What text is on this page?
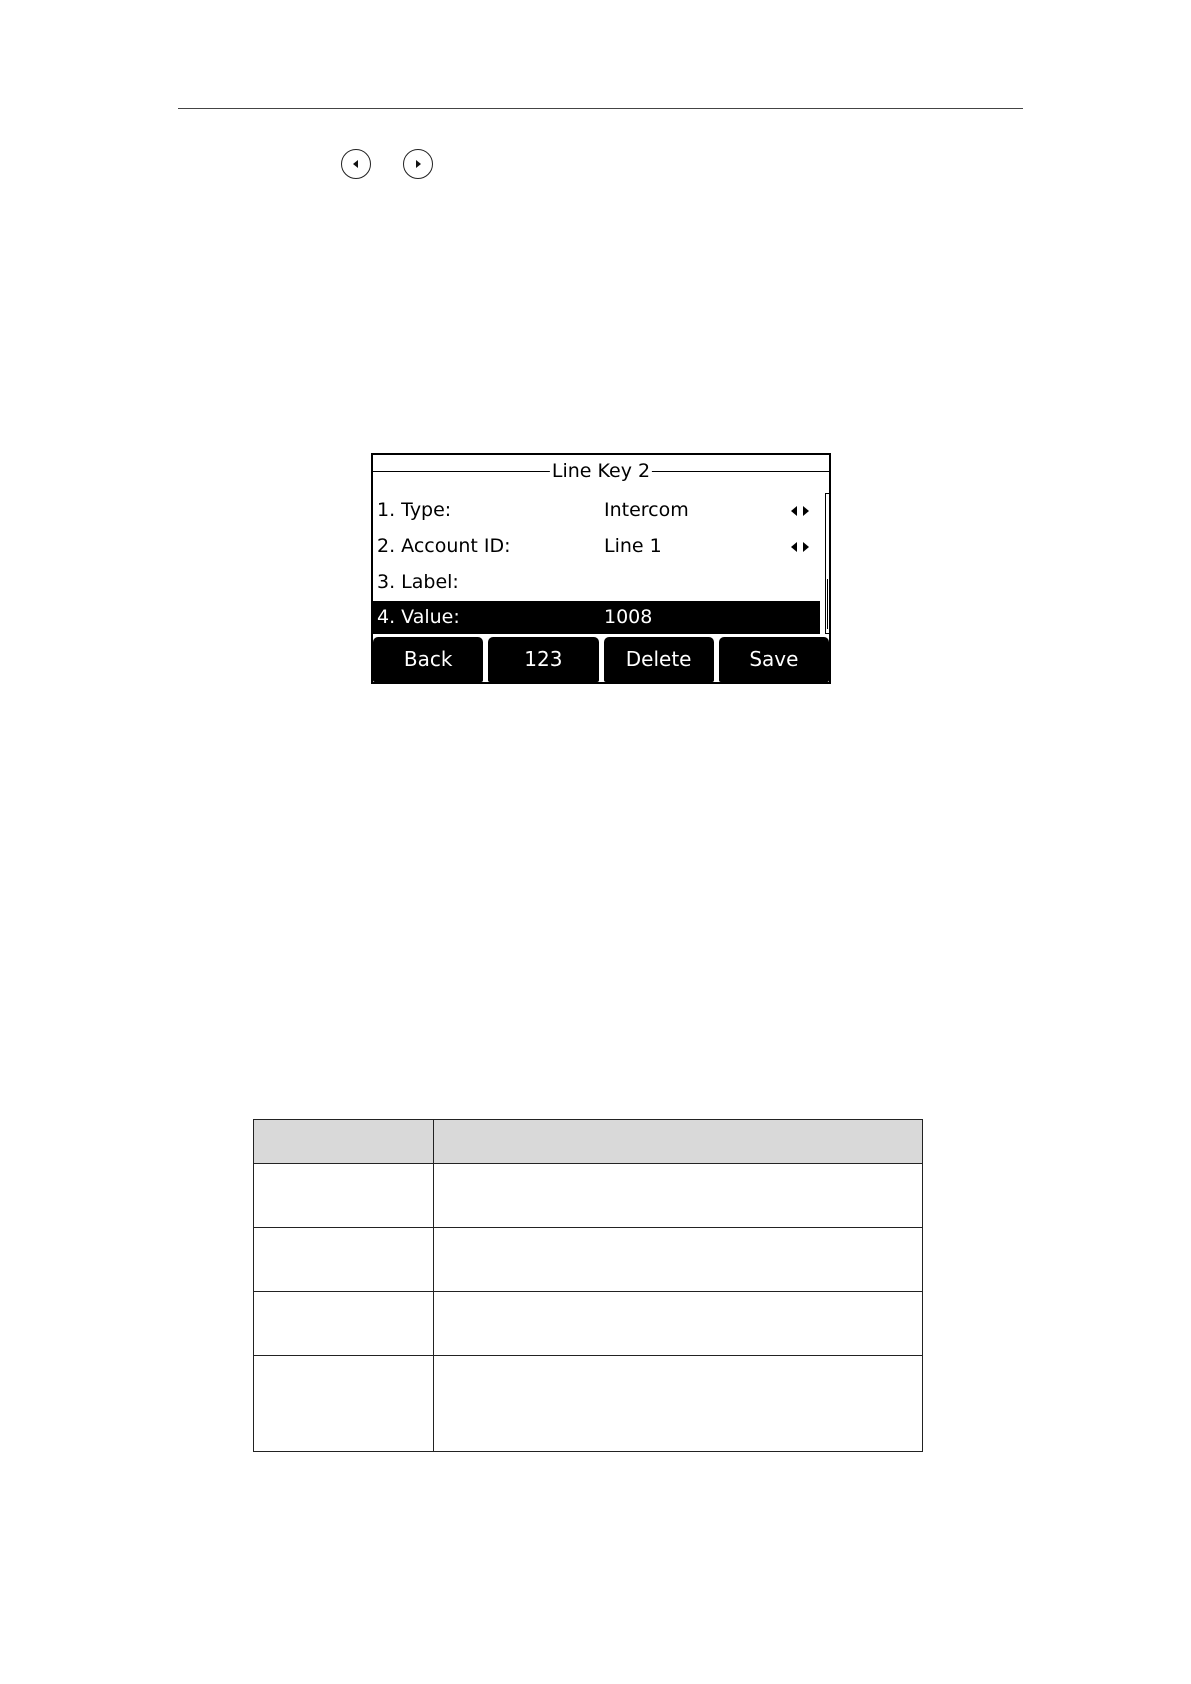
Line Key 2
1. Type:	Intercom
2. Account ID:	Line 1
3. Label:
4. Value:	1008
Back	123	Delete	Save
